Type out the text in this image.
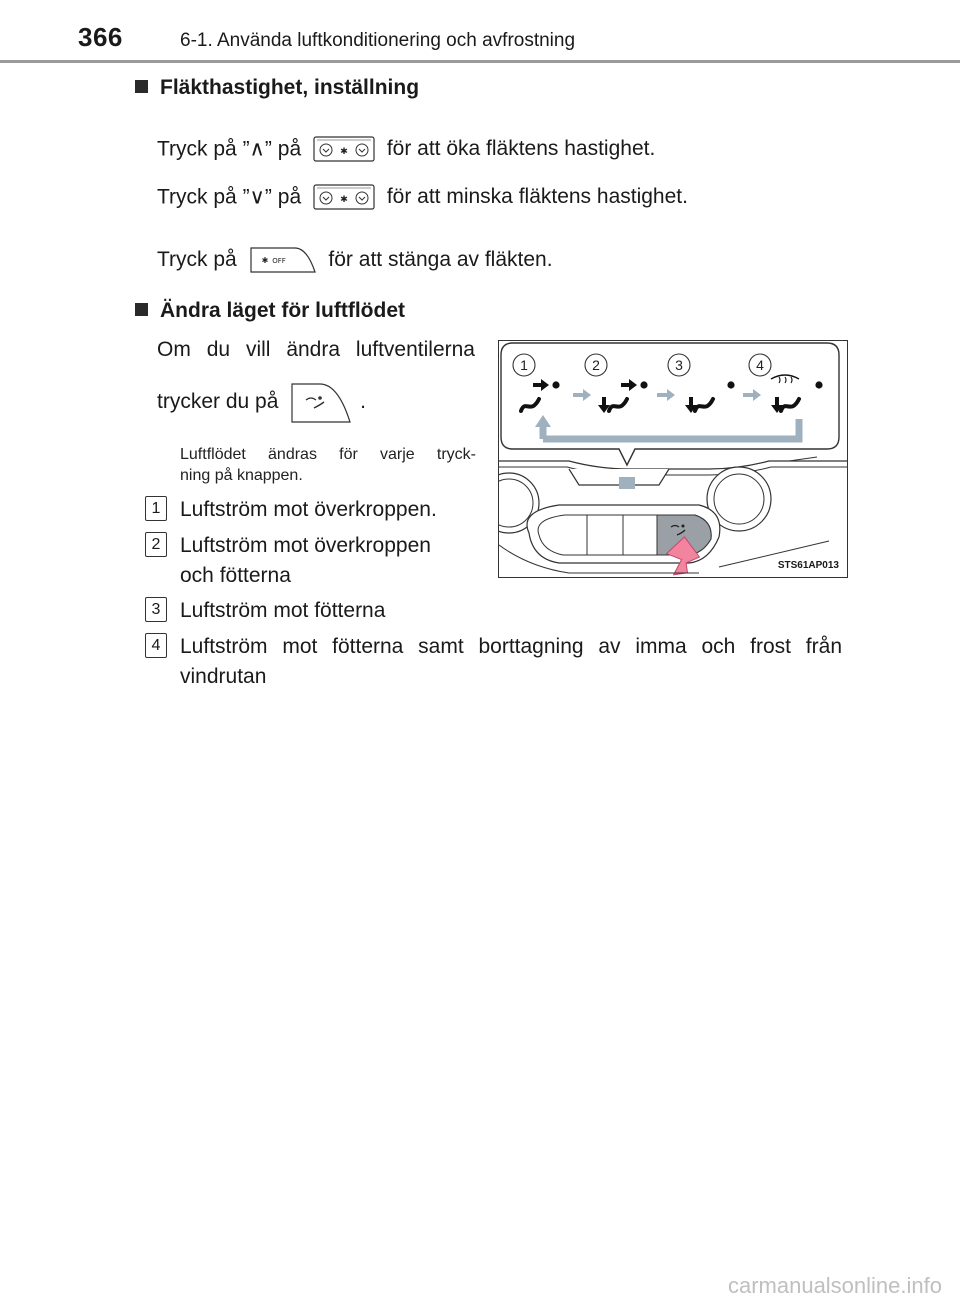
366	6-1. Använda luftkonditionering och avfrostning
Fläkthastighet, inställning
Tryck på ”∧” på	✱ för att öka fläktens hastighet.
Tryck på ”∨” på	✱ för att minska fläktens hastighet.
Tryck på	✱ OFF för att stänga av fläkten.
Ändra läget för luftflödet
Om du vill ändra luftventilerna
trycker du på	.
Luftflödet ändras för varje tryck-
ning på knappen.
1 Luftström mot överkroppen.
2 Luftström mot överkroppen
och fötterna
3 Luftström mot fötterna
4 Luftström mot fötterna samt borttagning av imma och frost från
vindrutan
1	2	3	4
STS61AP013
carmanualsonline.info
